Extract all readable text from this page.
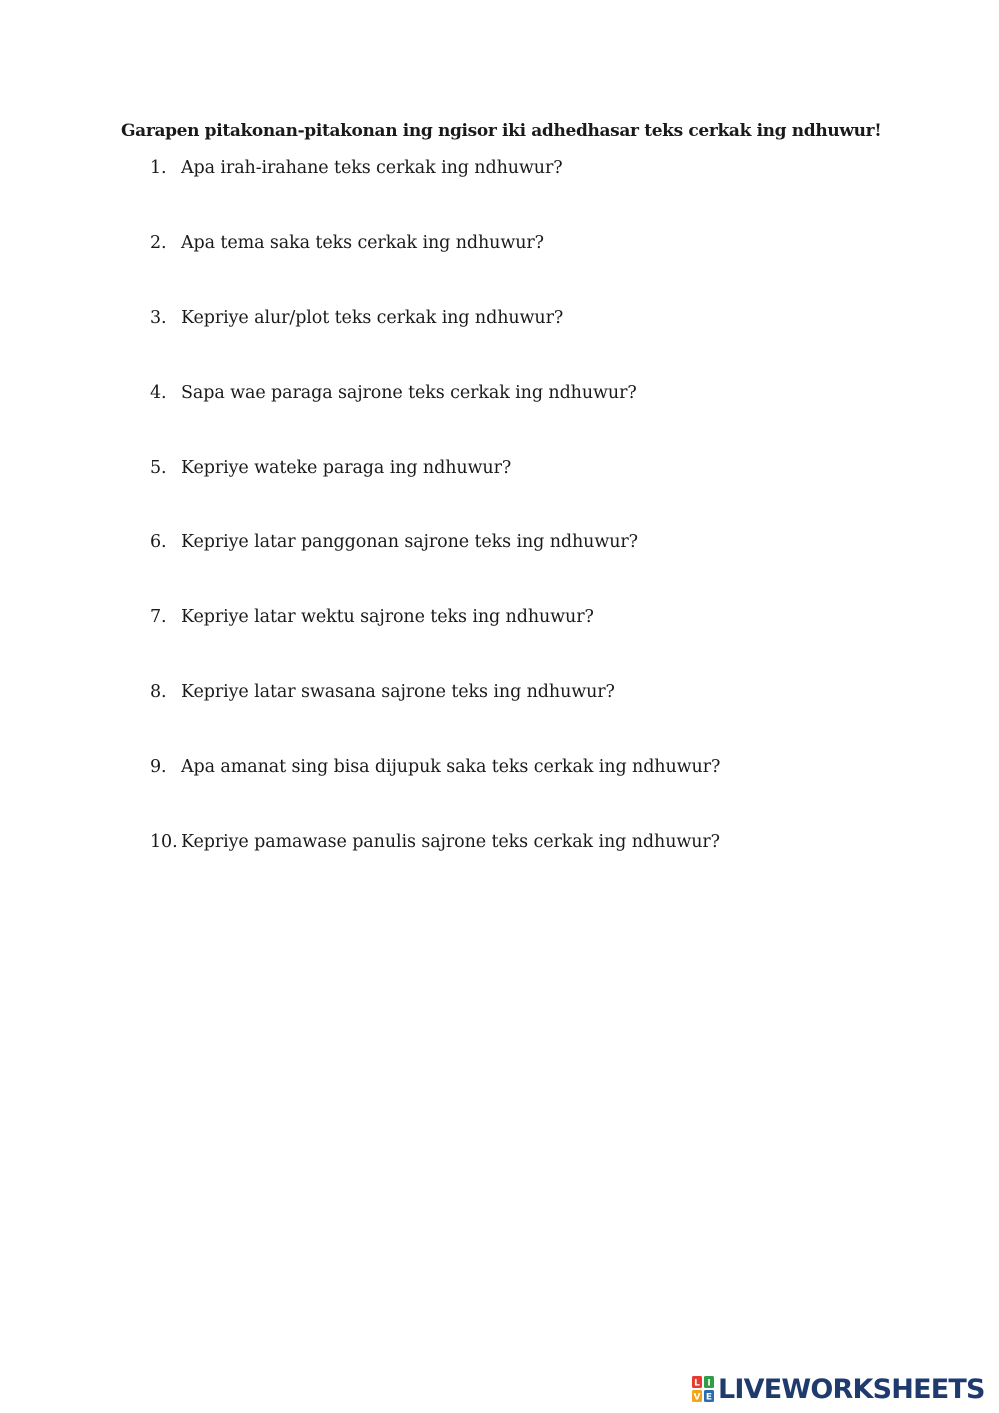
Garapen pitakonan-pitakonan ing ngisor iki adhedhasar teks cerkak ing ndhuwur!
1. Apa irah-irahane teks cerkak ing ndhuwur?
2. Apa tema saka teks cerkak ing ndhuwur?
3. Kepriye alur/plot teks cerkak ing ndhuwur?
4. Sapa wae paraga sajrone teks cerkak ing ndhuwur?
5. Kepriye wateke paraga ing ndhuwur?
6. Kepriye latar panggonan sajrone teks ing ndhuwur?
7. Kepriye latar wektu sajrone teks ing ndhuwur?
8. Kepriye latar swasana sajrone teks ing ndhuwur?
9. Apa amanat sing bisa dijupuk saka teks cerkak ing ndhuwur?
10. Kepriye pamawase panulis sajrone teks cerkak ing ndhuwur?
L I
V E LIVEWORKSHEETS
